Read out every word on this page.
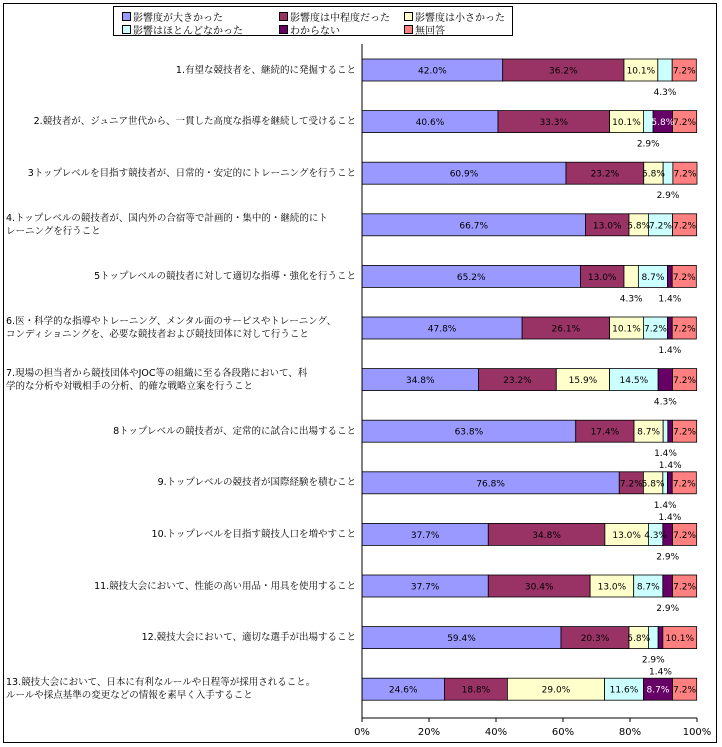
影響度が大きかった	影響度は中程度だった	影響度は小さかった
影響はほとんどなかった	わからない	無回答
1.有望な競技者を、継続的に発掘すること
2.競技者が、ジュニア世代から、一貫した高度な指導を継続して受けること
3トップレベルを目指す競技者が、日常的・安定的にトレーニングを行うこと
4.トップレベルの競技者が、国内外の合宿等で計画的・集中的・継続的にト
レーニングを行うこと
5トップレベルの競技者に対して適切な指導・強化を行うこと
6.医・科学的な指導やトレーニング、メンタル面のサービスやトレーニング、
コンディショニングを、必要な競技者および競技団体に対して行うこと
7.現場の担当者から競技団体やJOC等の組織に至る各段階において、科
学的な分析や対戦相手の分析、的確な戦略立案を行うこと
8トップレベルの競技者が、定常的に試合に出場すること
9.トップレベルの競技者が国際経験を積むこと
10.トップレベルを目指す競技人口を増やすこと
11.競技大会において、性能の高い用品・用具を使用すること
12.競技大会において、適切な選手が出場すること
13.競技大会において、日本に有利なルールや日程等が採用されること。
ルールや採点基準の変更などの情報を素早く入手すること
42.0%	36.2%	10.1% 7.2%
4.3%
40.6%	33.3%	10.1% 5.8%
7.2%
2.9%
60.9%	23.2%	5.8% 7.2%
2.9%
66.7%	13.0% 5.8%
7.2% 7.2%
65.2%	13.0%	8.7% 7.2%
4.3% 1.4%
47.8%	26.1%	10.1% 7.2% 7.2%
1.4%
34.8%	23.2%	15.9% 14.5%	7.2%
4.3%
63.8%	17.4% 8.7% 7.2%
1.4%
1.4%
76.8%	7.2%
5.8% 7.2%
1.4%
1.4%
37.7%	34.8%	13.0% 4.3% 7.2%
2.9%
37.7%	30.4%	13.0% 8.7% 7.2%
2.9%
59.4%	20.3% 5.8% 10.1%
2.9%
1.4%
24.6%	18.8%	29.0%	11.6% 8.7% 7.2%
0%	20%	40%	60%	80%	100%
